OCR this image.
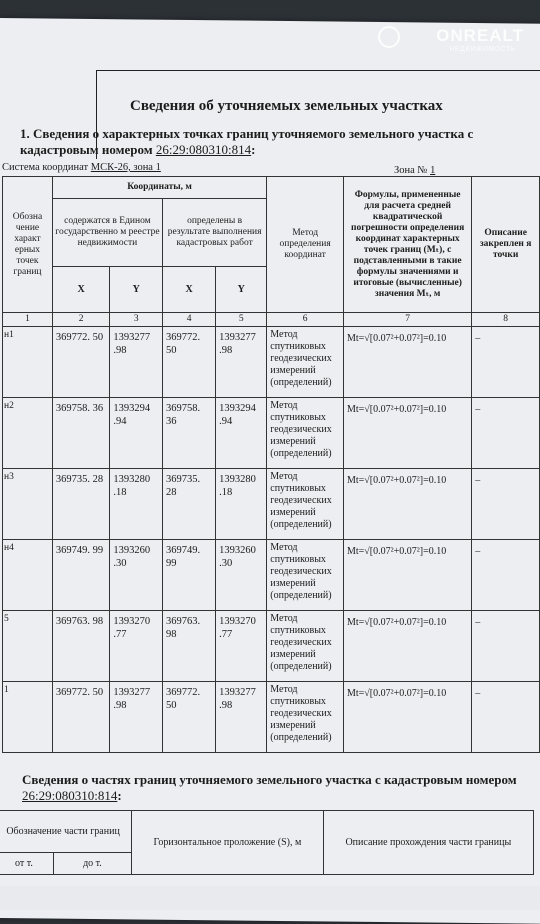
ONREALT
НЕДВИЖИМОСТЬ
Сведения об уточняемых земельных участках
1. Сведения о характерных точках границ уточняемого земельного участка с кадастровым номером 26:29:080310:814:
Система координат МСК-26, зона 1	Зона № 1
Обозна чение характ ерных точек границ	Координаты, м				Метод определения координат	Формулы, примененные для расчета средней квадратической погрешности определения координат характерных точек границ (Mₜ), с подставленными в такие формулы значениями и итоговые (вычисленные) значения Mₜ, м	Описание закреплен я точки
	содержатся в Едином государственно м реестре недвижимости		определены в результате выполнения кадастровых работ				
	X	Y	X	Y			
1	2	3	4	5	6	7	8
н1	369772. 50	1393277 .98	369772. 50	1393277 .98	Метод спутниковых геодезических измерений (определений)	Mt=√[0.07²+0.07²]=0.10	–
н2	369758. 36	1393294 .94	369758. 36	1393294 .94	Метод спутниковых геодезических измерений (определений)	Mt=√[0.07²+0.07²]=0.10	–
н3	369735. 28	1393280 .18	369735. 28	1393280 .18	Метод спутниковых геодезических измерений (определений)	Mt=√[0.07²+0.07²]=0.10	–
н4	369749. 99	1393260 .30	369749. 99	1393260 .30	Метод спутниковых геодезических измерений (определений)	Mt=√[0.07²+0.07²]=0.10	–
5	369763. 98	1393270 .77	369763. 98	1393270 .77	Метод спутниковых геодезических измерений (определений)	Mt=√[0.07²+0.07²]=0.10	–
1	369772. 50	1393277 .98	369772. 50	1393277 .98	Метод спутниковых геодезических измерений (определений)	Mt=√[0.07²+0.07²]=0.10	–
Сведения о частях границ уточняемого земельного участка с кадастровым номером 26:29:080310:814:
Обозначение части границ		Горизонтальное проложение (S), м	Описание прохождения части границы
от т.	до т.		
